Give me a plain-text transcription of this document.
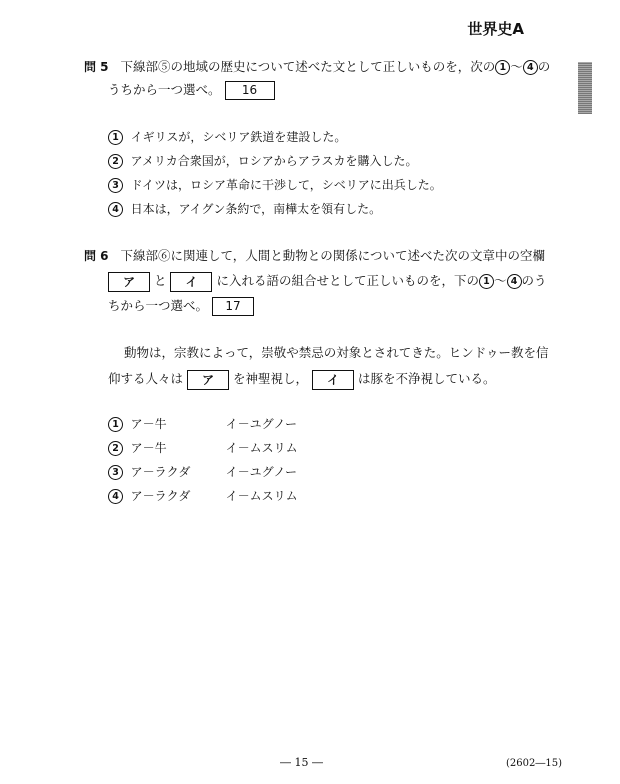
世界史A
問 5 下線部⑤の地域の歴史について述べた文として正しいものを，次の 1 ～ 4 の
うちから一つ選べ。 16
1 イギリスが，シベリア鉄道を建設した。
2 アメリカ合衆国が，ロシアからアラスカを購入した。
3 ドイツは，ロシア革命に干渉して，シベリアに出兵した。
4 日本は，アイグン条約で，南樺太を領有した。
問 6 下線部⑥に関連して，人間と動物との関係について述べた次の文章中の空欄
ア と イ に入れる語の組合せとして正しいものを，下の 1 ～ 4 のう
ちから一つ選べ。 17
動物は，宗教によって，崇敬や禁忌の対象とされてきた。ヒンドゥー教を信
仰する人々は ア を神聖視し， イ は豚を不浄視している。
1 ア－牛	イ－ユグノー
2 ア－牛	イ－ムスリム
3 ア－ラクダ	イ－ユグノー
4 ア－ラクダ	イ－ムスリム
― 15 ―	(2602―15)
